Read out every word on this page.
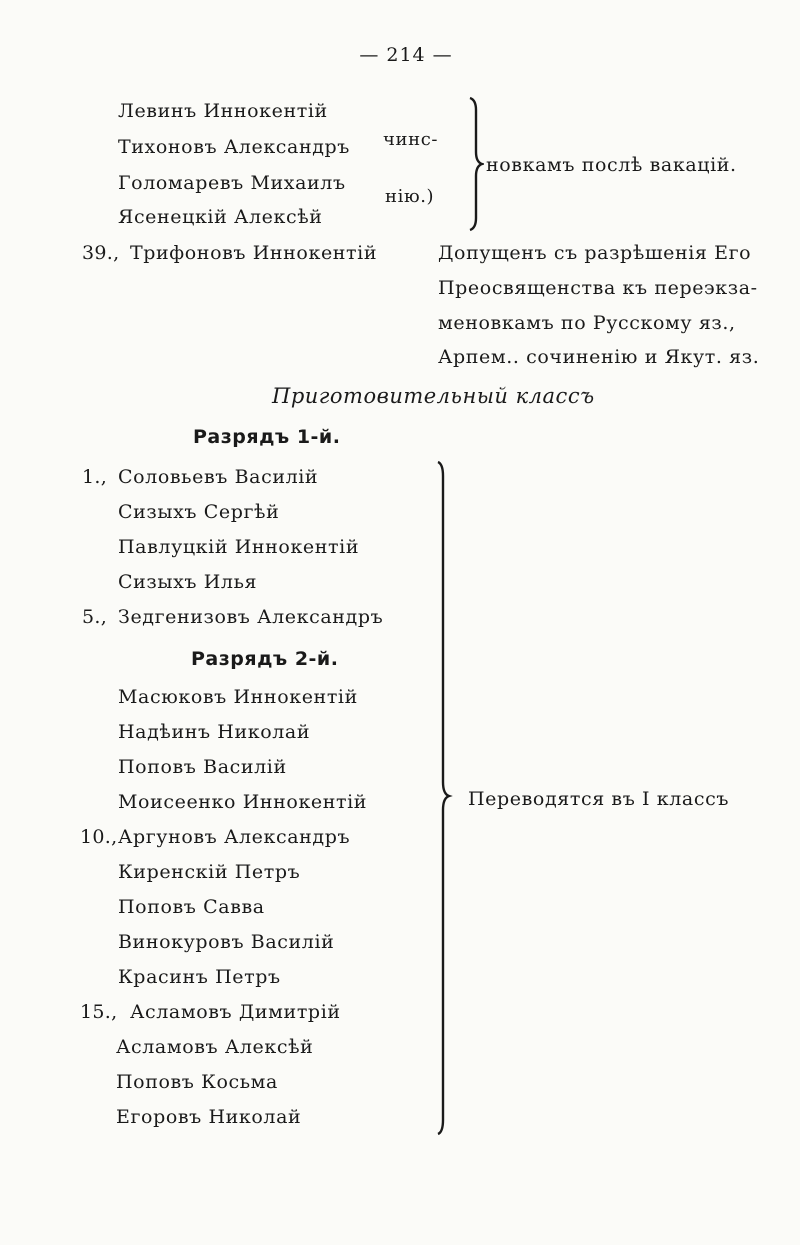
— 214 —
Левинъ Иннокентій
Тихоновъ Александръ
Голомаревъ Михаилъ
Ясенецкій Алексѣй
чинс-
нію.)
новкамъ послѣ вакацій.
39., Трифоновъ Иннокентій	Допущенъ съ разрѣшенія Его
Преосвященства къ переэкза-
меновкамъ по Русскому яз.,
Арпем.. сочиненію и Якут. яз.
Приготовительный классъ
Разрядъ 1-й.
1., Соловьевъ Василій
Сизыхъ Сергѣй
Павлуцкій Иннокентій
Сизыхъ Илья
5., Зедгенизовъ Александръ
Разрядъ 2-й.
Масюковъ Иннокентій
Надѣинъ Николай
Поповъ Василій
Моисеенко Иннокентій
10., Аргуновъ Александръ
Киренскій Петръ
Поповъ Савва
Винокуровъ Василій
Красинъ Петръ
15., Асламовъ Димитрій
Асламовъ Алексѣй
Поповъ Косьма
Егоровъ Николай
Переводятся въ I классъ
